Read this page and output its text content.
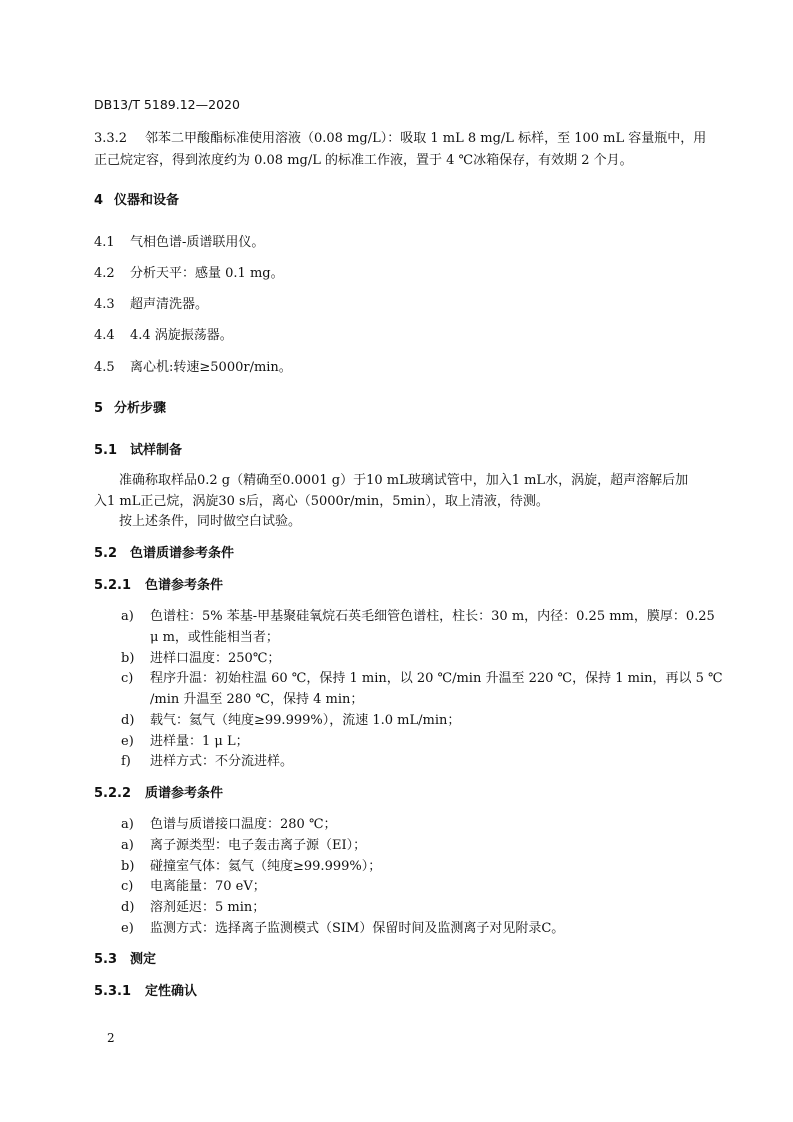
DB13/T 5189.12—2020
3.3.2 邻苯二甲酸酯标准使用溶液（0.08 mg/L）：吸取 1 mL 8 mg/L 标样，至 100 mL 容量瓶中，用
正己烷定容，得到浓度约为 0.08 mg/L 的标准工作液，置于 4 ℃冰箱保存，有效期 2 个月。
4 仪器和设备
4.1 气相色谱-质谱联用仪。
4.2 分析天平：感量 0.1 mg。
4.3 超声清洗器。
4.4 4.4 涡旋振荡器。
4.5 离心机:转速≥5000r/min。
5 分析步骤
5.1 试样制备
准确称取样品0.2 g（精确至0.0001 g）于10 mL玻璃试管中，加入1 mL水，涡旋，超声溶解后加
入1 mL正己烷，涡旋30 s后，离心（5000r/min，5min），取上清液，待测。
按上述条件，同时做空白试验。
5.2 色谱质谱参考条件
5.2.1 色谱参考条件
a) 色谱柱：5% 苯基-甲基聚硅氧烷石英毛细管色谱柱，柱长：30 m，内径：0.25 mm，膜厚：0.25
μ m，或性能相当者；
b) 进样口温度：250℃；
c) 程序升温：初始柱温 60 ℃，保持 1 min，以 20 ℃/min 升温至 220 ℃，保持 1 min，再以 5 ℃
/min 升温至 280 ℃，保持 4 min；
d) 载气：氦气（纯度≥99.999%），流速 1.0 mL/min；
e) 进样量：1 μ L；
f) 进样方式：不分流进样。
5.2.2 质谱参考条件
a) 色谱与质谱接口温度：280 ℃；
a) 离子源类型：电子轰击离子源（EI）；
b) 碰撞室气体：氦气（纯度≥99.999%）；
c) 电离能量：70 eV；
d) 溶剂延迟：5 min；
e) 监测方式：选择离子监测模式（SIM）保留时间及监测离子对见附录C。
5.3 测定
5.3.1 定性确认
2
